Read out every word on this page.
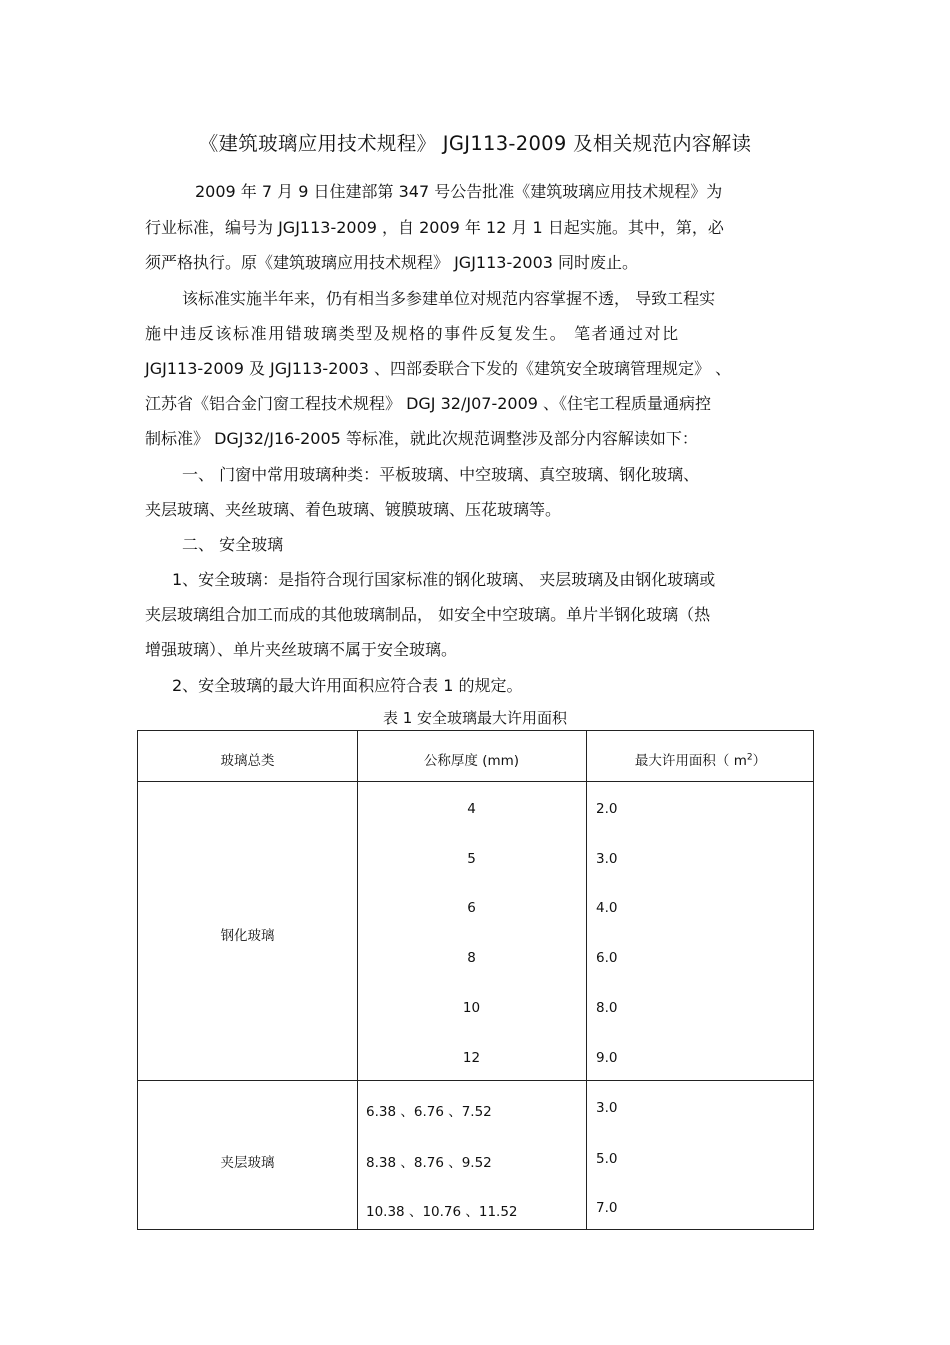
《建筑玻璃应用技术规程》 JGJ113-2009 及相关规范内容解读
2009 年 7 月 9 日住建部第 347 号公告批准《建筑玻璃应用技术规程》为
行业标准，编号为 JGJ113-2009 ，自 2009 年 12 月 1 日起实施。其中，第，必
须严格执行。原《建筑玻璃应用技术规程》 JGJ113-2003 同时废止。
该标准实施半年来，仍有相当多参建单位对规范内容掌握不透， 导致工程实
施中违反该标准用错玻璃类型及规格的事件反复发生。 笔者通过对比
JGJ113-2009 及 JGJ113-2003 、四部委联合下发的《建筑安全玻璃管理规定》 、
江苏省《铝合金门窗工程技术规程》 DGJ 32/J07-2009 、《住宅工程质量通病控
制标准》 DGJ32/J16-2005 等标准，就此次规范调整涉及部分内容解读如下：
一、 门窗中常用玻璃种类：平板玻璃、中空玻璃、真空玻璃、钢化玻璃、
夹层玻璃、夹丝玻璃、着色玻璃、镀膜玻璃、压花玻璃等。
二、 安全玻璃
1、安全玻璃：是指符合现行国家标准的钢化玻璃、 夹层玻璃及由钢化玻璃或
夹层玻璃组合加工而成的其他玻璃制品， 如安全中空玻璃。单片半钢化玻璃（热
增强玻璃）、单片夹丝玻璃不属于安全玻璃。
2、安全玻璃的最大许用面积应符合表 1 的规定。
表 1 安全玻璃最大许用面积
玻璃总类	公称厚度 (mm)	最大许用面积（ $m^2$）
钢化玻璃
4	2.0
5	3.0
6	4.0
8	6.0
10	8.0
12	9.0
夹层玻璃
6.38 、6.76 、7.52	3.0
8.38 、8.76 、9.52	5.0
10.38 、10.76 、11.52	7.0
